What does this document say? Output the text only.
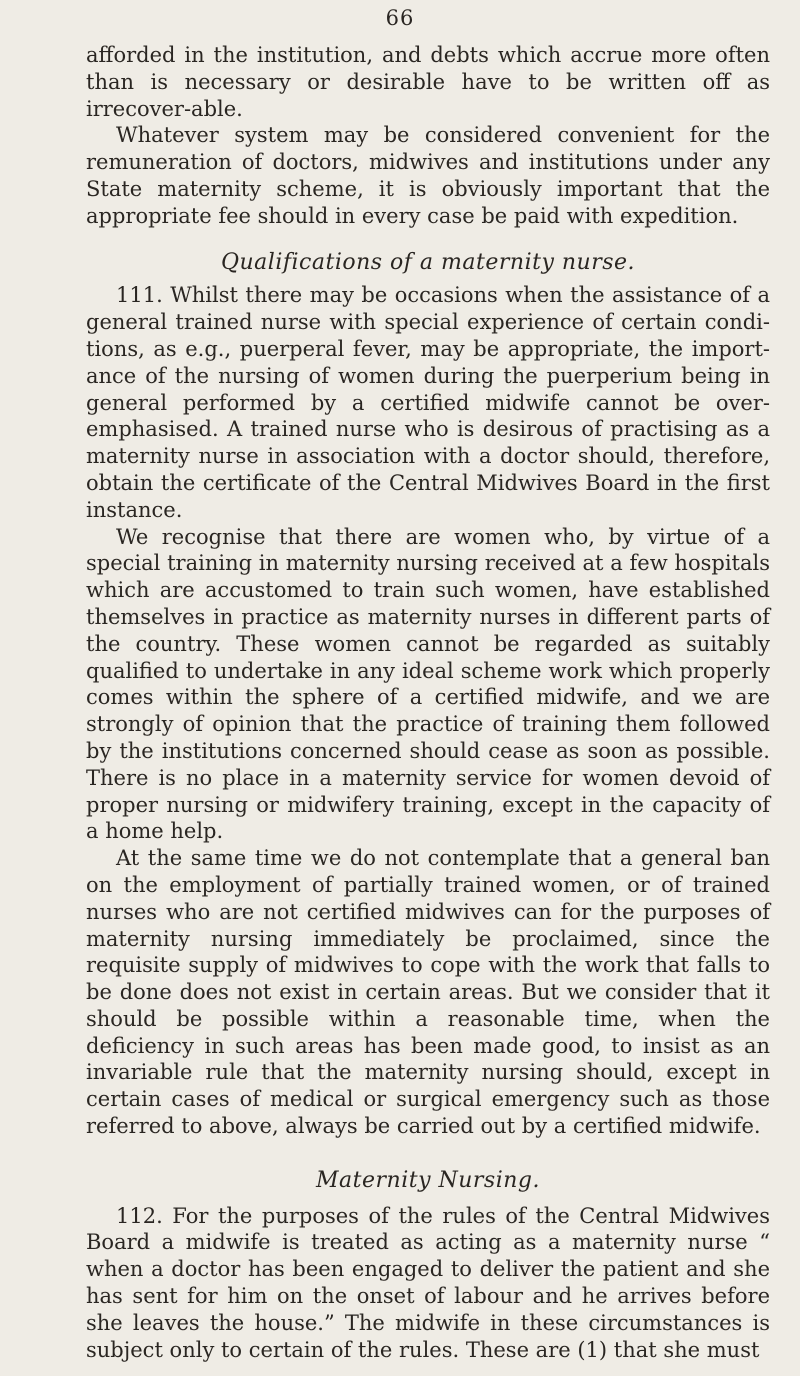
66

afforded in the institution, and debts which accrue more often than is necessary or desirable have to be written off as irrecover-able.

Whatever system may be considered convenient for the remuneration of doctors, midwives and institutions under any State maternity scheme, it is obviously important that the appropriate fee should in every case be paid with expedition.

Qualifications of a maternity nurse.

111. Whilst there may be occasions when the assistance of a general trained nurse with special experience of certain condi-tions, as e.g., puerperal fever, may be appropriate, the import-ance of the nursing of women during the puerperium being in general performed by a certified midwife cannot be over-emphasised. A trained nurse who is desirous of practising as a maternity nurse in association with a doctor should, therefore, obtain the certificate of the Central Midwives Board in the first instance.

We recognise that there are women who, by virtue of a special training in maternity nursing received at a few hospitals which are accustomed to train such women, have established themselves in practice as maternity nurses in different parts of the country. These women cannot be regarded as suitably qualified to undertake in any ideal scheme work which properly comes within the sphere of a certified midwife, and we are strongly of opinion that the practice of training them followed by the institutions concerned should cease as soon as possible. There is no place in a maternity service for women devoid of proper nursing or midwifery training, except in the capacity of a home help.

At the same time we do not contemplate that a general ban on the employment of partially trained women, or of trained nurses who are not certified midwives can for the purposes of maternity nursing immediately be proclaimed, since the requisite supply of midwives to cope with the work that falls to be done does not exist in certain areas. But we consider that it should be possible within a reasonable time, when the deficiency in such areas has been made good, to insist as an invariable rule that the maternity nursing should, except in certain cases of medical or surgical emergency such as those referred to above, always be carried out by a certified midwife.

Maternity Nursing.

112. For the purposes of the rules of the Central Midwives Board a midwife is treated as acting as a maternity nurse “ when a doctor has been engaged to deliver the patient and she has sent for him on the onset of labour and he arrives before she leaves the house.” The midwife in these circumstances is subject only to certain of the rules. These are (1) that she must
